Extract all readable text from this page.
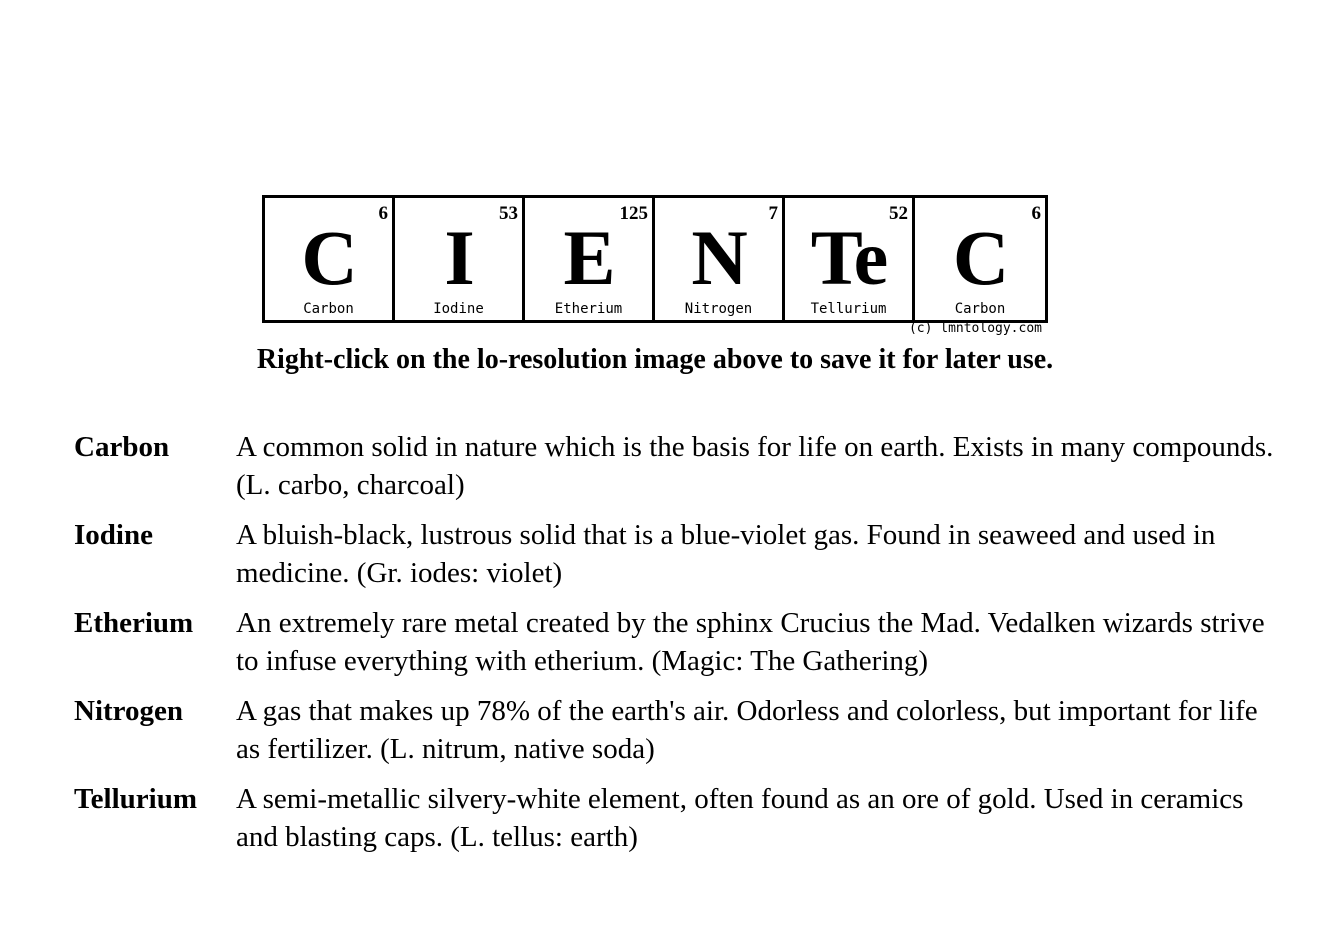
6
C
Carbon
53
I
Iodine
125
E
Etherium
7
N
Nitrogen
52
Te
Tellurium
6
C
Carbon
(c) lmntology.com
Right-click on the lo-resolution image above to save it for later use.
Carbon	A common solid in nature which is the basis for life on earth. Exists in many compounds. (L. carbo, charcoal)
Iodine	A bluish-black, lustrous solid that is a blue-violet gas. Found in seaweed and used in medicine. (Gr. iodes: violet)
Etherium	An extremely rare metal created by the sphinx Crucius the Mad. Vedalken wizards strive to infuse everything with etherium. (Magic: The Gathering)
Nitrogen	A gas that makes up 78% of the earth's air. Odorless and colorless, but important for life as fertilizer. (L. nitrum, native soda)
Tellurium	A semi-metallic silvery-white element, often found as an ore of gold. Used in ceramics and blasting caps. (L. tellus: earth)
